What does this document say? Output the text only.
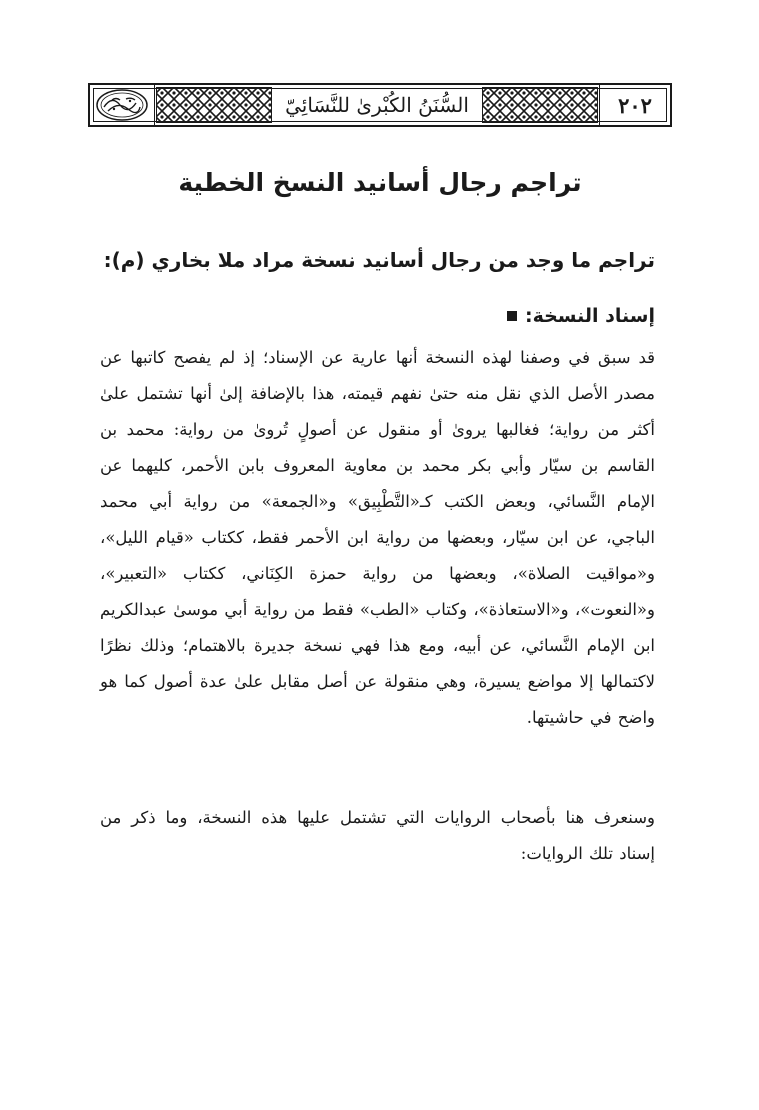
السُّنَنُ الكُبْرىٰ للنَّسَائِيّ	٢٠٢
تراجم رجال أسانيد النسخ الخطية
تراجم ما وجد من رجال أسانيد نسخة مراد ملا بخاري (م):
إسناد النسخة:

قد سبق في وصفنا لهذه النسخة أنها عارية عن الإسناد؛ إذ لم يفصح كاتبها عن مصدر الأصل الذي نقل منه حتىٰ نفهم قيمته، هذا بالإضافة إلىٰ أنها تشتمل علىٰ أكثر من رواية؛ فغالبها يروىٰ أو منقول عن أصولٍ تُروىٰ من رواية: محمد بن القاسم بن سيّار وأبي بكر محمد بن معاوية المعروف بابن الأحمر، كليهما عن الإمام النَّسائي، وبعض الكتب كـ«التَّطْبِيق» و«الجمعة» من رواية أبي محمد الباجي، عن ابن سيّار، وبعضها من رواية ابن الأحمر فقط، ككتاب «قيام الليل»، و«مواقيت الصلاة»، وبعضها من رواية حمزة الكِنَاني، ككتاب «التعبير»، و«النعوت»، و«الاستعاذة»، وكتاب «الطب» فقط من رواية أبي موسىٰ عبدالكريم ابن الإمام النَّسائي، عن أبيه، ومع هذا فهي نسخة جديرة بالاهتمام؛ وذلك نظرًا لاكتمالها إلا مواضع يسيرة، وهي منقولة عن أصل مقابل علىٰ عدة أصول كما هو واضح في حاشيتها.

وسنعرف هنا بأصحاب الروايات التي تشتمل عليها هذه النسخة، وما ذكر من إسناد تلك الروايات:
